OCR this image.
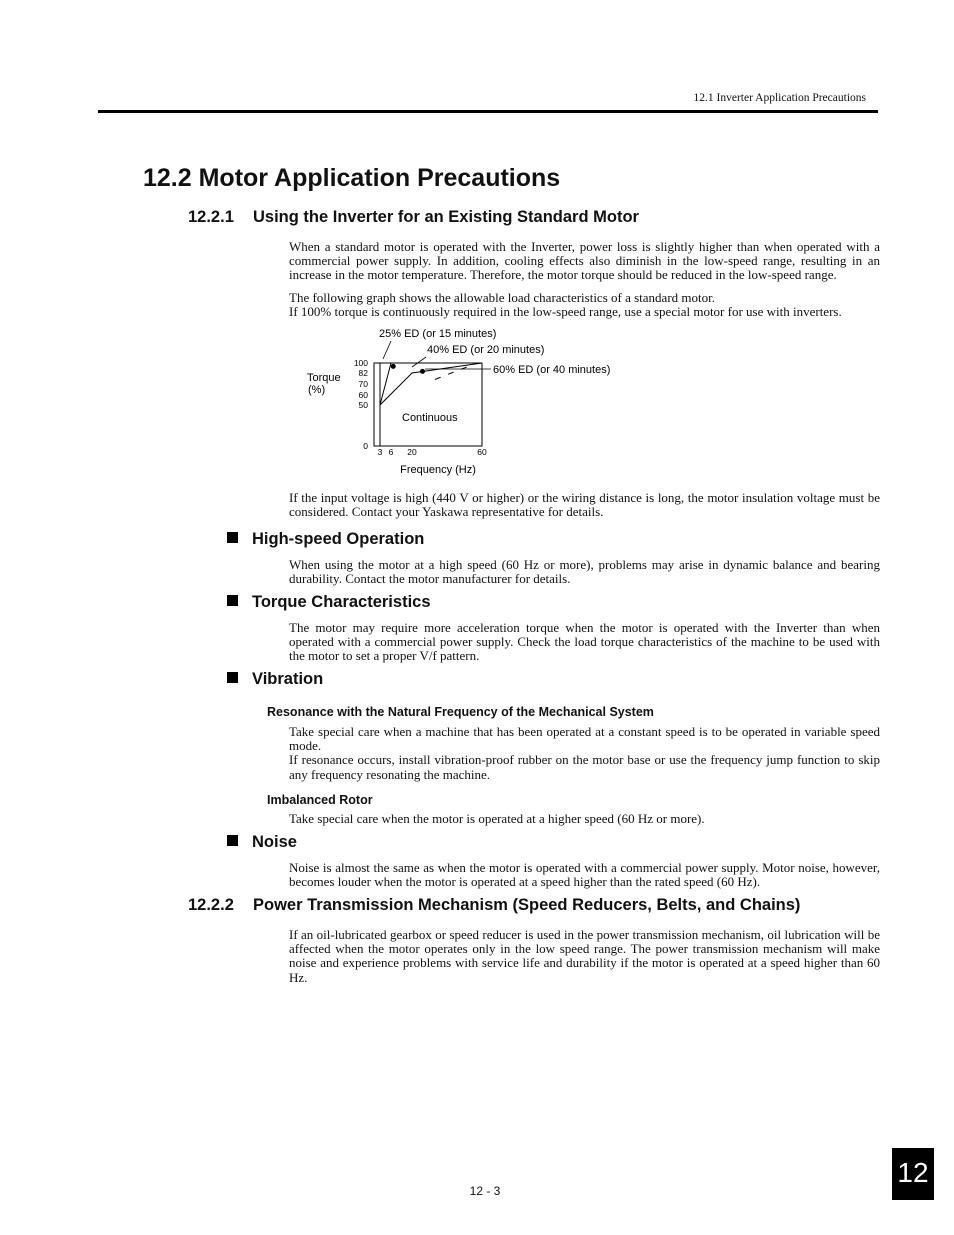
12.1 Inverter Application Precautions
12.2 Motor Application Precautions
12.2.1 Using the Inverter for an Existing Standard Motor

When a standard motor is operated with the Inverter, power loss is slightly higher than when operated with a commercial power supply. In addition, cooling effects also diminish in the low-speed range, resulting in an increase in the motor temperature. Therefore, the motor torque should be reduced in the low-speed range.

The following graph shows the allowable load characteristics of a standard motor.

If 100% torque is continuously required in the low-speed range, use a special motor for use with inverters.

100
82
70
60
50
0
3 6 20	60
Torque
(%)
Frequency (Hz)
Continuous
25% ED (or 15 minutes)
40% ED (or 20 minutes)
60% ED (or 40 minutes)

If the input voltage is high (440 V or higher) or the wiring distance is long, the motor insulation voltage must be considered. Contact your Yaskawa representative for details.

High-speed Operation

When using the motor at a high speed (60 Hz or more), problems may arise in dynamic balance and bearing durability. Contact the motor manufacturer for details.

Torque Characteristics

The motor may require more acceleration torque when the motor is operated with the Inverter than when operated with a commercial power supply. Check the load torque characteristics of the machine to be used with the motor to set a proper V/f pattern.

Vibration
Resonance with the Natural Frequency of the Mechanical System

Take special care when a machine that has been operated at a constant speed is to be operated in variable speed mode.

If resonance occurs, install vibration-proof rubber on the motor base or use the frequency jump function to skip any frequency resonating the machine.

Imbalanced Rotor

Take special care when the motor is operated at a higher speed (60 Hz or more).

Noise

Noise is almost the same as when the motor is operated with a commercial power supply. Motor noise, however, becomes louder when the motor is operated at a speed higher than the rated speed (60 Hz).

12.2.2 Power Transmission Mechanism (Speed Reducers, Belts, and Chains)

If an oil-lubricated gearbox or speed reducer is used in the power transmission mechanism, oil lubrication will be affected when the motor operates only in the low speed range. The power transmission mechanism will make noise and experience problems with service life and durability if the motor is operated at a speed higher than 60 Hz.

12 - 3
12
